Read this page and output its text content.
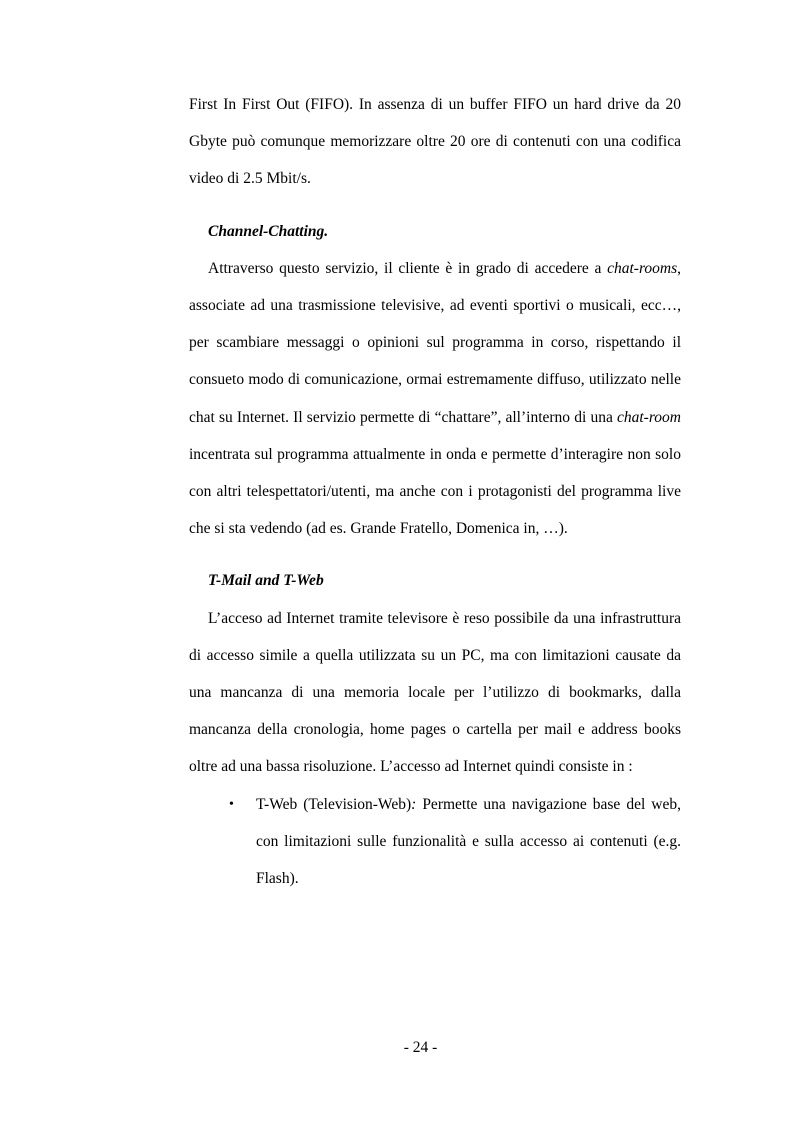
First In First Out (FIFO). In assenza di un buffer FIFO un hard drive da 20 Gbyte può comunque memorizzare oltre 20 ore di contenuti con una codifica video di 2.5 Mbit/s.

Channel-Chatting.

Attraverso questo servizio, il cliente è in grado di accedere a chat-rooms, associate ad una trasmissione televisive, ad eventi sportivi o musicali, ecc…, per scambiare messaggi o opinioni sul programma in corso, rispettando il consueto modo di comunicazione, ormai estremamente diffuso, utilizzato nelle chat su Internet. Il servizio permette di “chattare”, all’interno di una chat-room incentrata sul programma attualmente in onda e permette d’interagire non solo con altri telespettatori/utenti, ma anche con i protagonisti del programma live che si sta vedendo (ad es. Grande Fratello, Domenica in, …).

T-Mail and T-Web

L’acceso ad Internet tramite televisore è reso possibile da una infrastruttura di accesso simile a quella utilizzata su un PC, ma con limitazioni causate da una mancanza di una memoria locale per l’utilizzo di bookmarks, dalla mancanza della cronologia, home pages o cartella per mail e address books oltre ad una bassa risoluzione. L’accesso ad Internet quindi consiste in :

• T-Web (Television-Web): Permette una navigazione base del web, con limitazioni sulle funzionalità e sulla accesso ai contenuti (e.g. Flash).
- 24 -
